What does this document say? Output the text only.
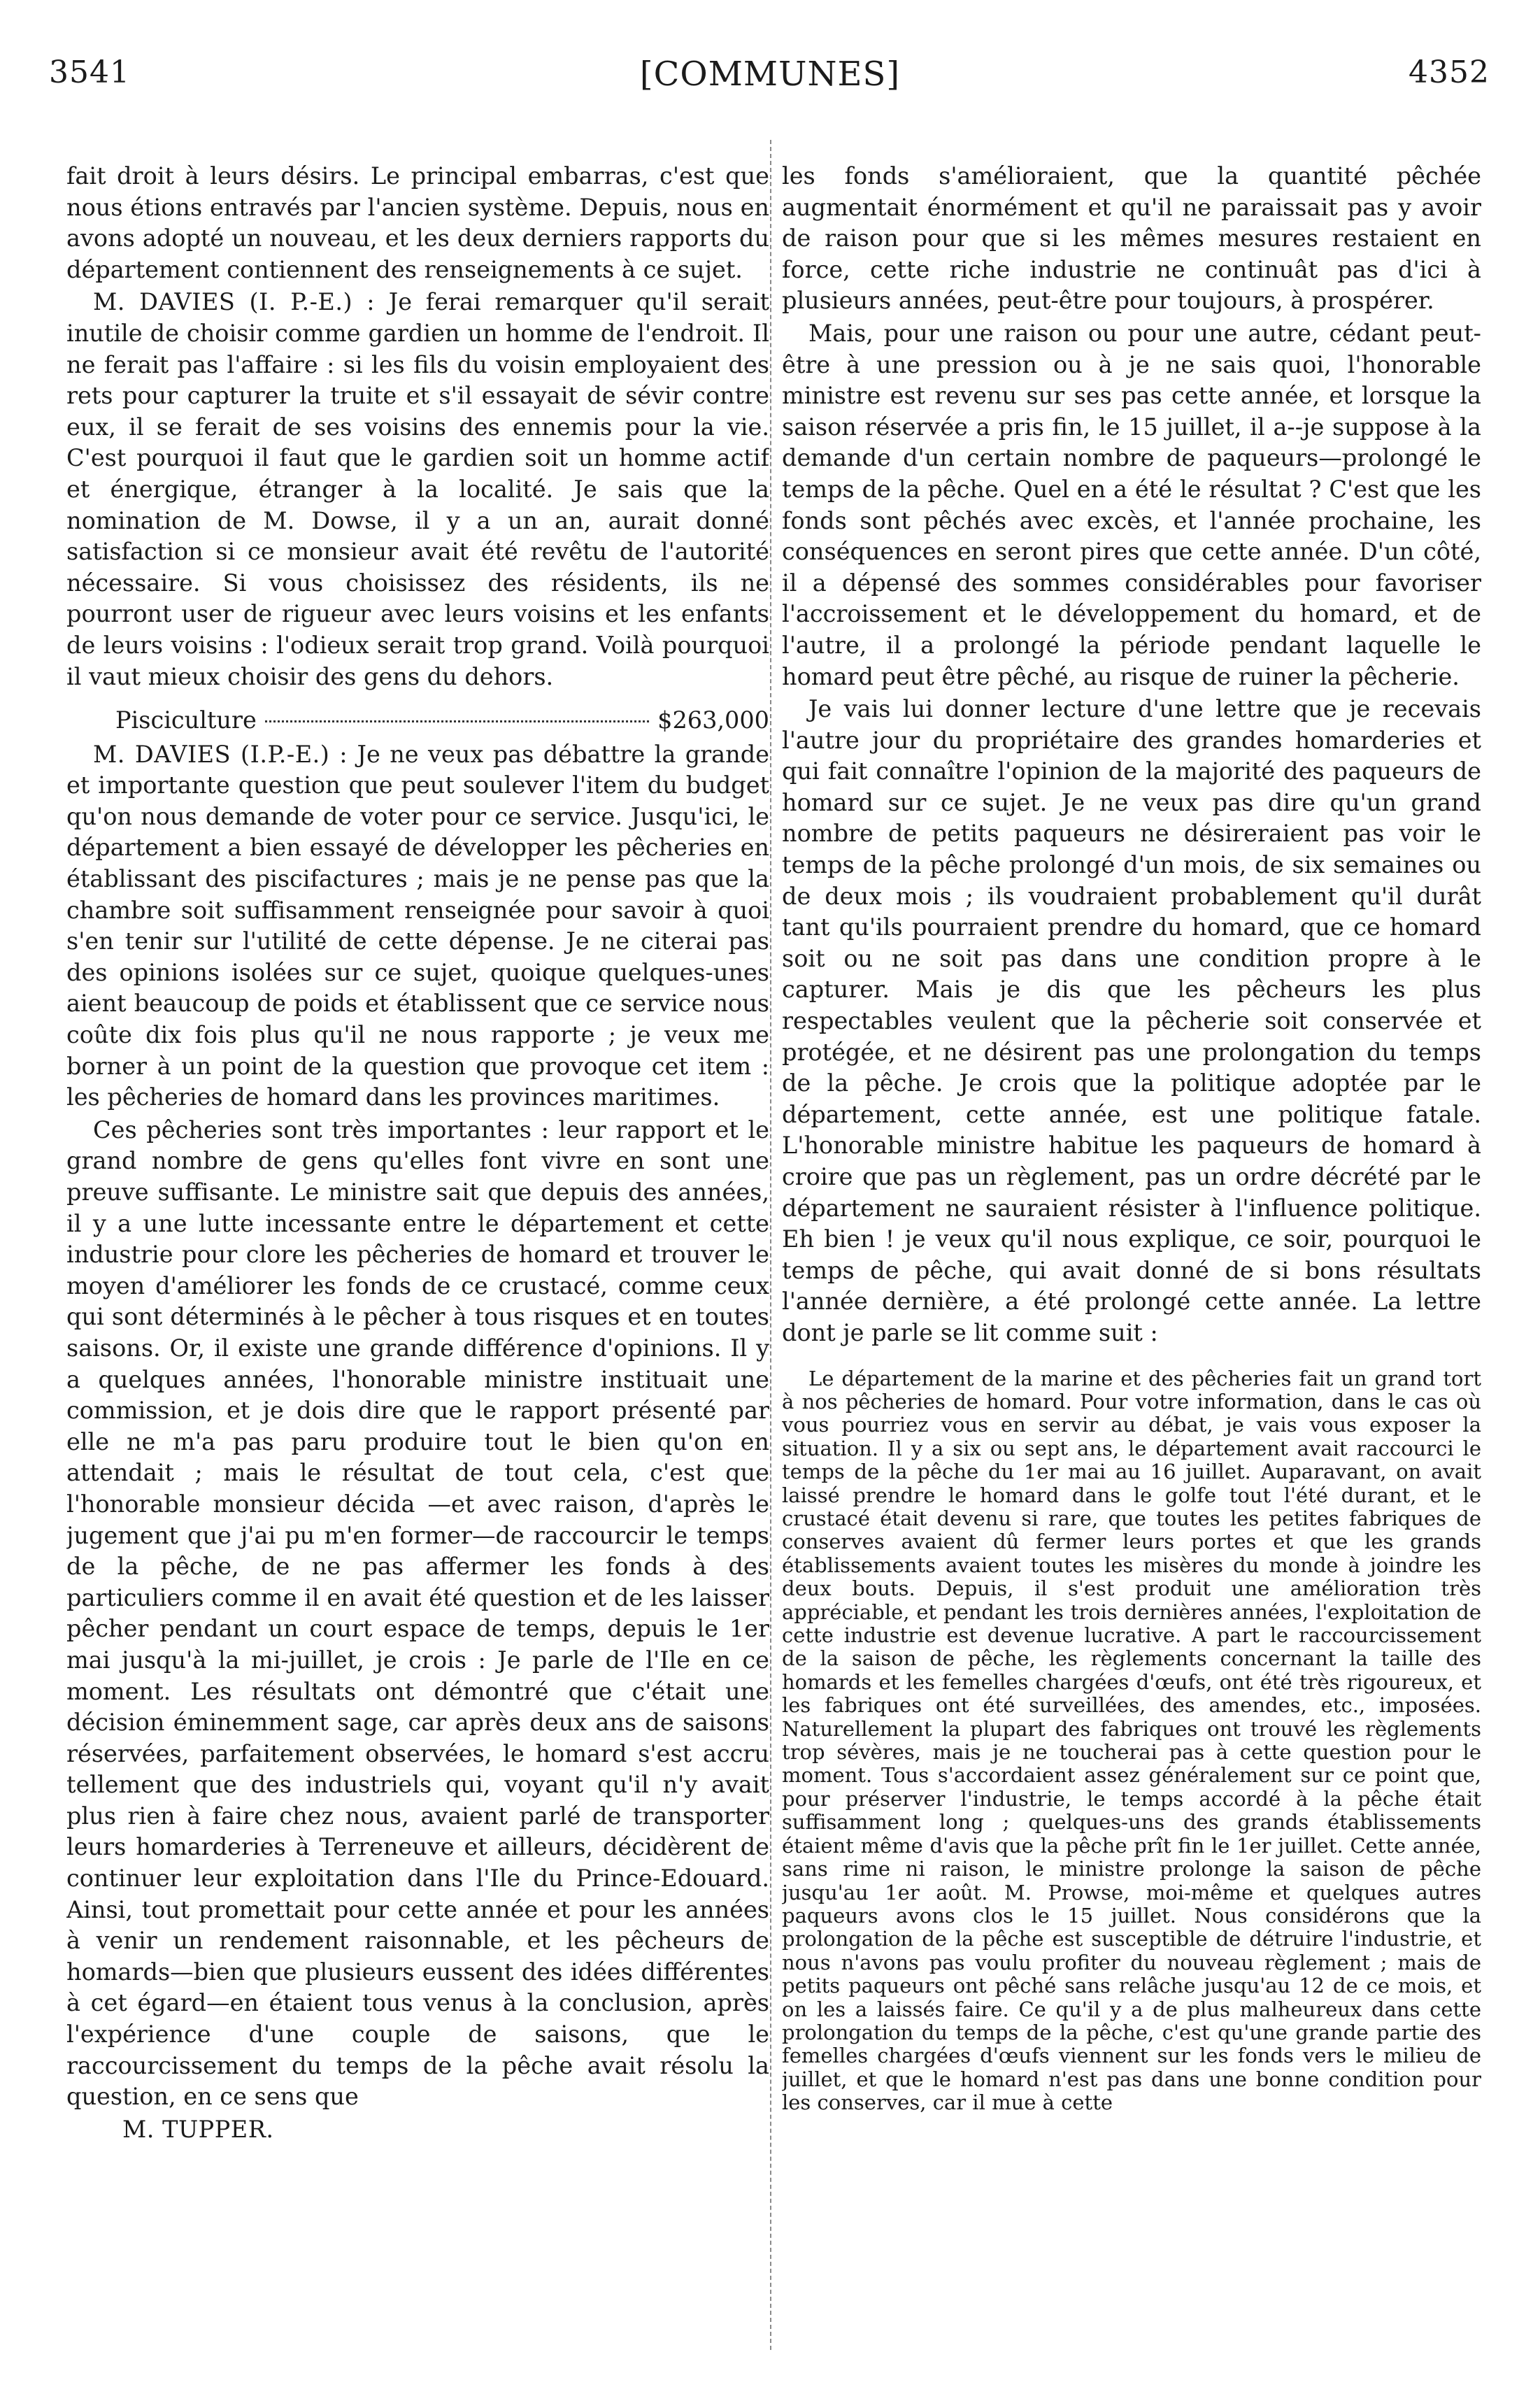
3541	[COMMUNES]	4352

fait droit à leurs désirs. Le principal embarras, c'est que nous étions entravés par l'ancien système. Depuis, nous en avons adopté un nouveau, et les deux derniers rapports du département contiennent des renseignements à ce sujet.

M. DAVIES (I. P.-E.) : Je ferai remarquer qu'il serait inutile de choisir comme gardien un homme de l'endroit. Il ne ferait pas l'affaire : si les fils du voisin employaient des rets pour capturer la truite et s'il essayait de sévir contre eux, il se ferait de ses voisins des ennemis pour la vie. C'est pourquoi il faut que le gardien soit un homme actif et énergique, étranger à la localité. Je sais que la nomination de M. Dowse, il y a un an, aurait donné satisfaction si ce monsieur avait été revêtu de l'autorité nécessaire. Si vous choisissez des résidents, ils ne pourront user de rigueur avec leurs voisins et les enfants de leurs voisins : l'odieux serait trop grand. Voilà pourquoi il vaut mieux choisir des gens du dehors.

Pisciculture	$263,000

M. DAVIES (I.P.-E.) : Je ne veux pas débattre la grande et importante question que peut soulever l'item du budget qu'on nous demande de voter pour ce service. Jusqu'ici, le département a bien essayé de développer les pêcheries en établissant des piscifactures ; mais je ne pense pas que la chambre soit suffisamment renseignée pour savoir à quoi s'en tenir sur l'utilité de cette dépense. Je ne citerai pas des opinions isolées sur ce sujet, quoique quelques-unes aient beaucoup de poids et établissent que ce service nous coûte dix fois plus qu'il ne nous rapporte ; je veux me borner à un point de la question que provoque cet item : les pêcheries de homard dans les provinces maritimes.

Ces pêcheries sont très importantes : leur rapport et le grand nombre de gens qu'elles font vivre en sont une preuve suffisante. Le ministre sait que depuis des années, il y a une lutte incessante entre le département et cette industrie pour clore les pêcheries de homard et trouver le moyen d'améliorer les fonds de ce crustacé, comme ceux qui sont déterminés à le pêcher à tous risques et en toutes saisons. Or, il existe une grande différence d'opinions. Il y a quelques années, l'honorable ministre instituait une commission, et je dois dire que le rapport présenté par elle ne m'a pas paru produire tout le bien qu'on en attendait ; mais le résultat de tout cela, c'est que l'honorable monsieur décida —et avec raison, d'après le jugement que j'ai pu m'en former—de raccourcir le temps de la pêche, de ne pas affermer les fonds à des particuliers comme il en avait été question et de les laisser pêcher pendant un court espace de temps, depuis le 1er mai jusqu'à la mi-juillet, je crois : Je parle de l'Ile en ce moment. Les résultats ont démontré que c'était une décision éminemment sage, car après deux ans de saisons réservées, parfaitement observées, le homard s'est accru tellement que des industriels qui, voyant qu'il n'y avait plus rien à faire chez nous, avaient parlé de transporter leurs homarderies à Terreneuve et ailleurs, décidèrent de continuer leur exploitation dans l'Ile du Prince-Edouard. Ainsi, tout promettait pour cette année et pour les années à venir un rendement raisonnable, et les pêcheurs de homards—bien que plusieurs eussent des idées différentes à cet égard—en étaient tous venus à la conclusion, après l'expérience d'une couple de saisons, que le raccourcissement du temps de la pêche avait résolu la question, en ce sens que

M. TUPPER.

les fonds s'amélioraient, que la quantité pêchée augmentait énormément et qu'il ne paraissait pas y avoir de raison pour que si les mêmes mesures restaient en force, cette riche industrie ne continuât pas d'ici à plusieurs années, peut-être pour toujours, à prospérer.

Mais, pour une raison ou pour une autre, cédant peut-être à une pression ou à je ne sais quoi, l'honorable ministre est revenu sur ses pas cette année, et lorsque la saison réservée a pris fin, le 15 juillet, il a--je suppose à la demande d'un certain nombre de paqueurs—prolongé le temps de la pêche. Quel en a été le résultat ? C'est que les fonds sont pêchés avec excès, et l'année prochaine, les conséquences en seront pires que cette année. D'un côté, il a dépensé des sommes considérables pour favoriser l'accroissement et le développement du homard, et de l'autre, il a prolongé la période pendant laquelle le homard peut être pêché, au risque de ruiner la pêcherie.

Je vais lui donner lecture d'une lettre que je recevais l'autre jour du propriétaire des grandes homarderies et qui fait connaître l'opinion de la majorité des paqueurs de homard sur ce sujet. Je ne veux pas dire qu'un grand nombre de petits paqueurs ne désireraient pas voir le temps de la pêche prolongé d'un mois, de six semaines ou de deux mois ; ils voudraient probablement qu'il durât tant qu'ils pourraient prendre du homard, que ce homard soit ou ne soit pas dans une condition propre à le capturer. Mais je dis que les pêcheurs les plus respectables veulent que la pêcherie soit conservée et protégée, et ne désirent pas une prolongation du temps de la pêche. Je crois que la politique adoptée par le département, cette année, est une politique fatale. L'honorable ministre habitue les paqueurs de homard à croire que pas un règlement, pas un ordre décrété par le département ne sauraient résister à l'influence politique. Eh bien ! je veux qu'il nous explique, ce soir, pourquoi le temps de pêche, qui avait donné de si bons résultats l'année dernière, a été prolongé cette année. La lettre dont je parle se lit comme suit :

Le département de la marine et des pêcheries fait un grand tort à nos pêcheries de homard. Pour votre information, dans le cas où vous pourriez vous en servir au débat, je vais vous exposer la situation. Il y a six ou sept ans, le département avait raccourci le temps de la pêche du 1er mai au 16 juillet. Auparavant, on avait laissé prendre le homard dans le golfe tout l'été durant, et le crustacé était devenu si rare, que toutes les petites fabriques de conserves avaient dû fermer leurs portes et que les grands établissements avaient toutes les misères du monde à joindre les deux bouts. Depuis, il s'est produit une amélioration très appréciable, et pendant les trois dernières années, l'exploitation de cette industrie est devenue lucrative. A part le raccourcissement de la saison de pêche, les règlements concernant la taille des homards et les femelles chargées d'œufs, ont été très rigoureux, et les fabriques ont été surveillées, des amendes, etc., imposées. Naturellement la plupart des fabriques ont trouvé les règlements trop sévères, mais je ne toucherai pas à cette question pour le moment. Tous s'accordaient assez généralement sur ce point que, pour préserver l'industrie, le temps accordé à la pêche était suffisamment long ; quelques-uns des grands établissements étaient même d'avis que la pêche prît fin le 1er juillet. Cette année, sans rime ni raison, le ministre prolonge la saison de pêche jusqu'au 1er août. M. Prowse, moi-même et quelques autres paqueurs avons clos le 15 juillet. Nous considérons que la prolongation de la pêche est susceptible de détruire l'industrie, et nous n'avons pas voulu profiter du nouveau règlement ; mais de petits paqueurs ont pêché sans relâche jusqu'au 12 de ce mois, et on les a laissés faire. Ce qu'il y a de plus malheureux dans cette prolongation du temps de la pêche, c'est qu'une grande partie des femelles chargées d'œufs viennent sur les fonds vers le milieu de juillet, et que le homard n'est pas dans une bonne condition pour les conserves, car il mue à cette
